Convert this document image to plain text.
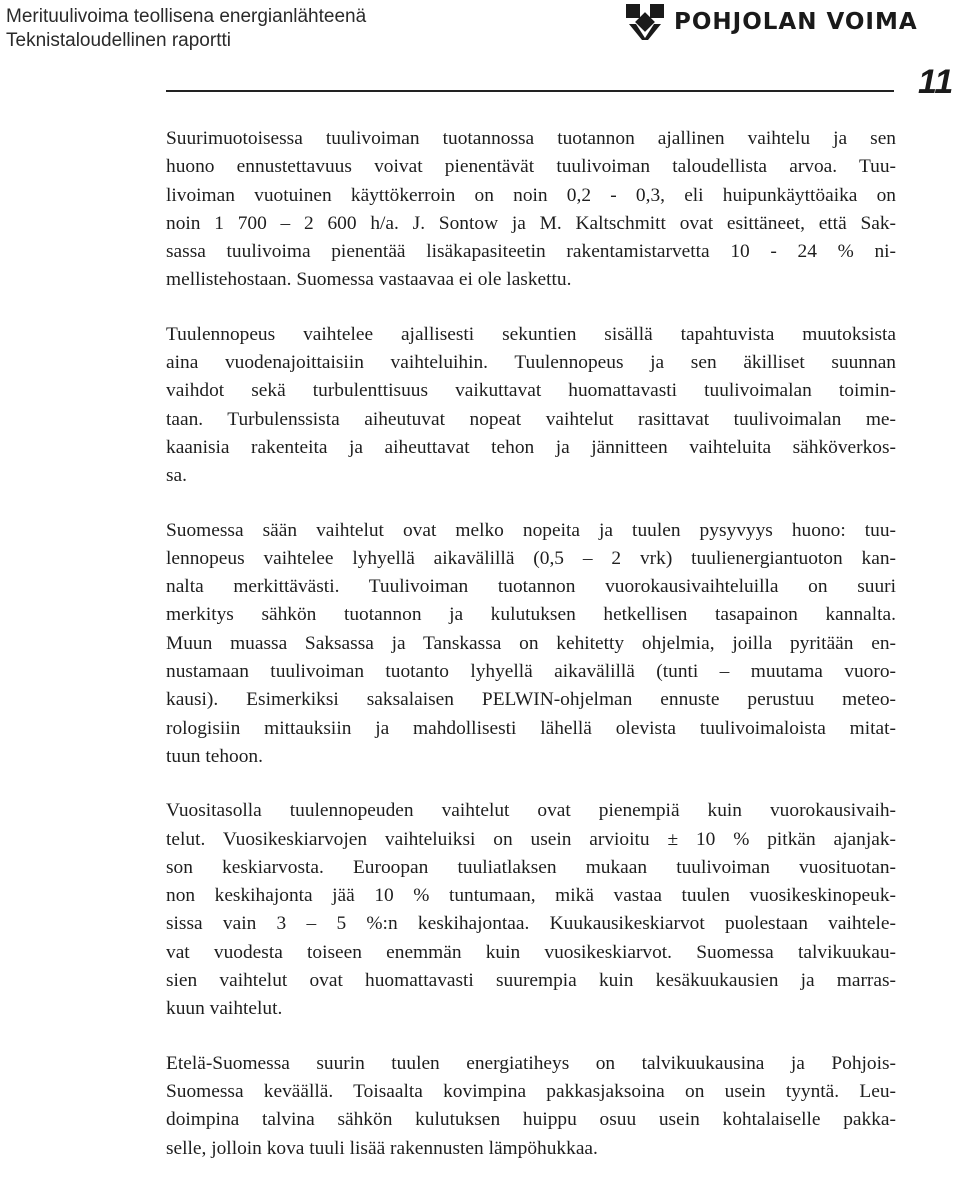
Merituulivoima teollisena energianlähteenä
Teknistaloudellinen raportti
POHJOLAN VOIMA
11
Suurimuotoisessa tuulivoiman tuotannossa tuotannon ajallinen vaihtelu ja sen
huono ennustettavuus voivat pienentävät tuulivoiman taloudellista arvoa. Tuu-
livoiman vuotuinen käyttökerroin on noin 0,2 - 0,3, eli huipunkäyttöaika on
noin 1 700 – 2 600 h/a. J. Sontow ja M. Kaltschmitt ovat esittäneet, että Sak-
sassa tuulivoima pienentää lisäkapasiteetin rakentamistarvetta 10 - 24 % ni-
mellistehostaan. Suomessa vastaavaa ei ole laskettu.
Tuulennopeus vaihtelee ajallisesti sekuntien sisällä tapahtuvista muutoksista
aina vuodenajoittaisiin vaihteluihin. Tuulennopeus ja sen äkilliset suunnan
vaihdot sekä turbulenttisuus vaikuttavat huomattavasti tuulivoimalan toimin-
taan. Turbulenssista aiheutuvat nopeat vaihtelut rasittavat tuulivoimalan me-
kaanisia rakenteita ja aiheuttavat tehon ja jännitteen vaihteluita sähköverkos-
sa.
Suomessa sään vaihtelut ovat melko nopeita ja tuulen pysyvyys huono: tuu-
lennopeus vaihtelee lyhyellä aikavälillä (0,5 – 2 vrk) tuulienergiantuoton kan-
nalta merkittävästi. Tuulivoiman tuotannon vuorokausivaihteluilla on suuri
merkitys sähkön tuotannon ja kulutuksen hetkellisen tasapainon kannalta.
Muun muassa Saksassa ja Tanskassa on kehitetty ohjelmia, joilla pyritään en-
nustamaan tuulivoiman tuotanto lyhyellä aikavälillä (tunti – muutama vuoro-
kausi). Esimerkiksi saksalaisen PELWIN-ohjelman ennuste perustuu meteo-
rologisiin mittauksiin ja mahdollisesti lähellä olevista tuulivoimaloista mitat-
tuun tehoon.
Vuositasolla tuulennopeuden vaihtelut ovat pienempiä kuin vuorokausivaih-
telut. Vuosikeskiarvojen vaihteluiksi on usein arvioitu ± 10 % pitkän ajanjak-
son keskiarvosta. Euroopan tuuliatlaksen mukaan tuulivoiman vuosituotan-
non keskihajonta jää 10 % tuntumaan, mikä vastaa tuulen vuosikeskinopeuk-
sissa vain 3 – 5 %:n keskihajontaa. Kuukausikeskiarvot puolestaan vaihtele-
vat vuodesta toiseen enemmän kuin vuosikeskiarvot. Suomessa talvikuukau-
sien vaihtelut ovat huomattavasti suurempia kuin kesäkuukausien ja marras-
kuun vaihtelut.
Etelä-Suomessa suurin tuulen energiatiheys on talvikuukausina ja Pohjois-
Suomessa keväällä. Toisaalta kovimpina pakkasjaksoina on usein tyyntä. Leu-
doimpina talvina sähkön kulutuksen huippu osuu usein kohtalaiselle pakka-
selle, jolloin kova tuuli lisää rakennusten lämpöhukkaa.
